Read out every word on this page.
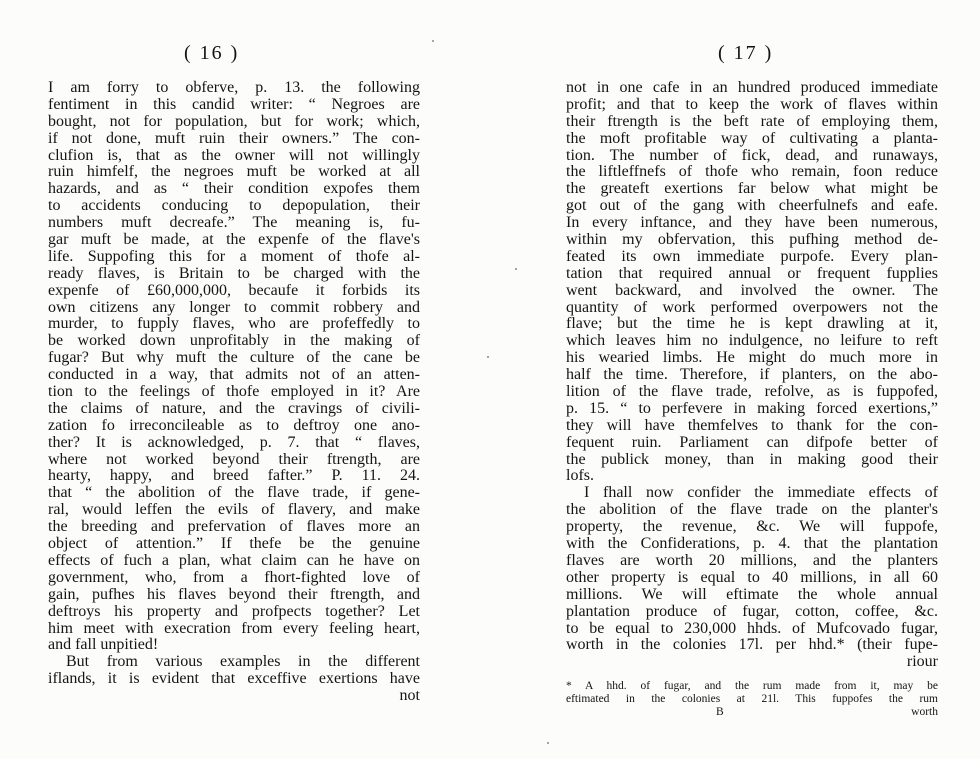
( 16 )
I am forry to obferve, p. 13. the following
fentiment in this candid writer: “ Negroes are
bought, not for population, but for work; which,
if not done, muft ruin their owners.” The con-
clufion is, that as the owner will not willingly
ruin himfelf, the negroes muft be worked at all
hazards, and as “ their condition expofes them
to accidents conducing to depopulation, their
numbers muft decreafe.” The meaning is, fu-
gar muft be made, at the expenfe of the flave's
life. Suppofing this for a moment of thofe al-
ready flaves, is Britain to be charged with the
expenfe of £60,000,000, becaufe it forbids its
own citizens any longer to commit robbery and
murder, to fupply flaves, who are profeffedly to
be worked down unprofitably in the making of
fugar? But why muft the culture of the cane be
conducted in a way, that admits not of an atten-
tion to the feelings of thofe employed in it? Are
the claims of nature, and the cravings of civili-
zation fo irreconcileable as to deftroy one ano-
ther? It is acknowledged, p. 7. that “ flaves,
where not worked beyond their ftrength, are
hearty, happy, and breed fafter.” P. 11. 24.
that “ the abolition of the flave trade, if gene-
ral, would leffen the evils of flavery, and make
the breeding and prefervation of flaves more an
object of attention.” If thefe be the genuine
effects of fuch a plan, what claim can he have on
government, who, from a fhort-fighted love of
gain, pufhes his flaves beyond their ftrength, and
deftroys his property and profpects together? Let
him meet with execration from every feeling heart,
and fall unpitied!
But from various examples in the different
iflands, it is evident that exceffive exertions have
not
( 17 )
not in one cafe in an hundred produced immediate
profit; and that to keep the work of flaves within
their ftrength is the beft rate of employing them,
the moft profitable way of cultivating a planta-
tion. The number of fick, dead, and runaways,
the liftleffnefs of thofe who remain, foon reduce
the greateft exertions far below what might be
got out of the gang with cheerfulnefs and eafe.
In every inftance, and they have been numerous,
within my obfervation, this pufhing method de-
feated its own immediate purpofe. Every plan-
tation that required annual or frequent fupplies
went backward, and involved the owner. The
quantity of work performed overpowers not the
flave; but the time he is kept drawling at it,
which leaves him no indulgence, no leifure to reft
his wearied limbs. He might do much more in
half the time. Therefore, if planters, on the abo-
lition of the flave trade, refolve, as is fuppofed,
p. 15. “ to perfevere in making forced exertions,”
they will have themfelves to thank for the con-
fequent ruin. Parliament can difpofe better of
the publick money, than in making good their
lofs.
I fhall now confider the immediate effects of
the abolition of the flave trade on the planter's
property, the revenue, &c. We will fuppofe,
with the Confiderations, p. 4. that the plantation
flaves are worth 20 millions, and the planters
other property is equal to 40 millions, in all 60
millions. We will eftimate the whole annual
plantation produce of fugar, cotton, coffee, &c.
to be equal to 230,000 hhds. of Mufcovado fugar,
worth in the colonies 17l. per hhd.* (their fupe-
riour
* A hhd. of fugar, and the rum made from it, may be
eftimated in the colonies at 21l. This fuppofes the rum
B	worth
